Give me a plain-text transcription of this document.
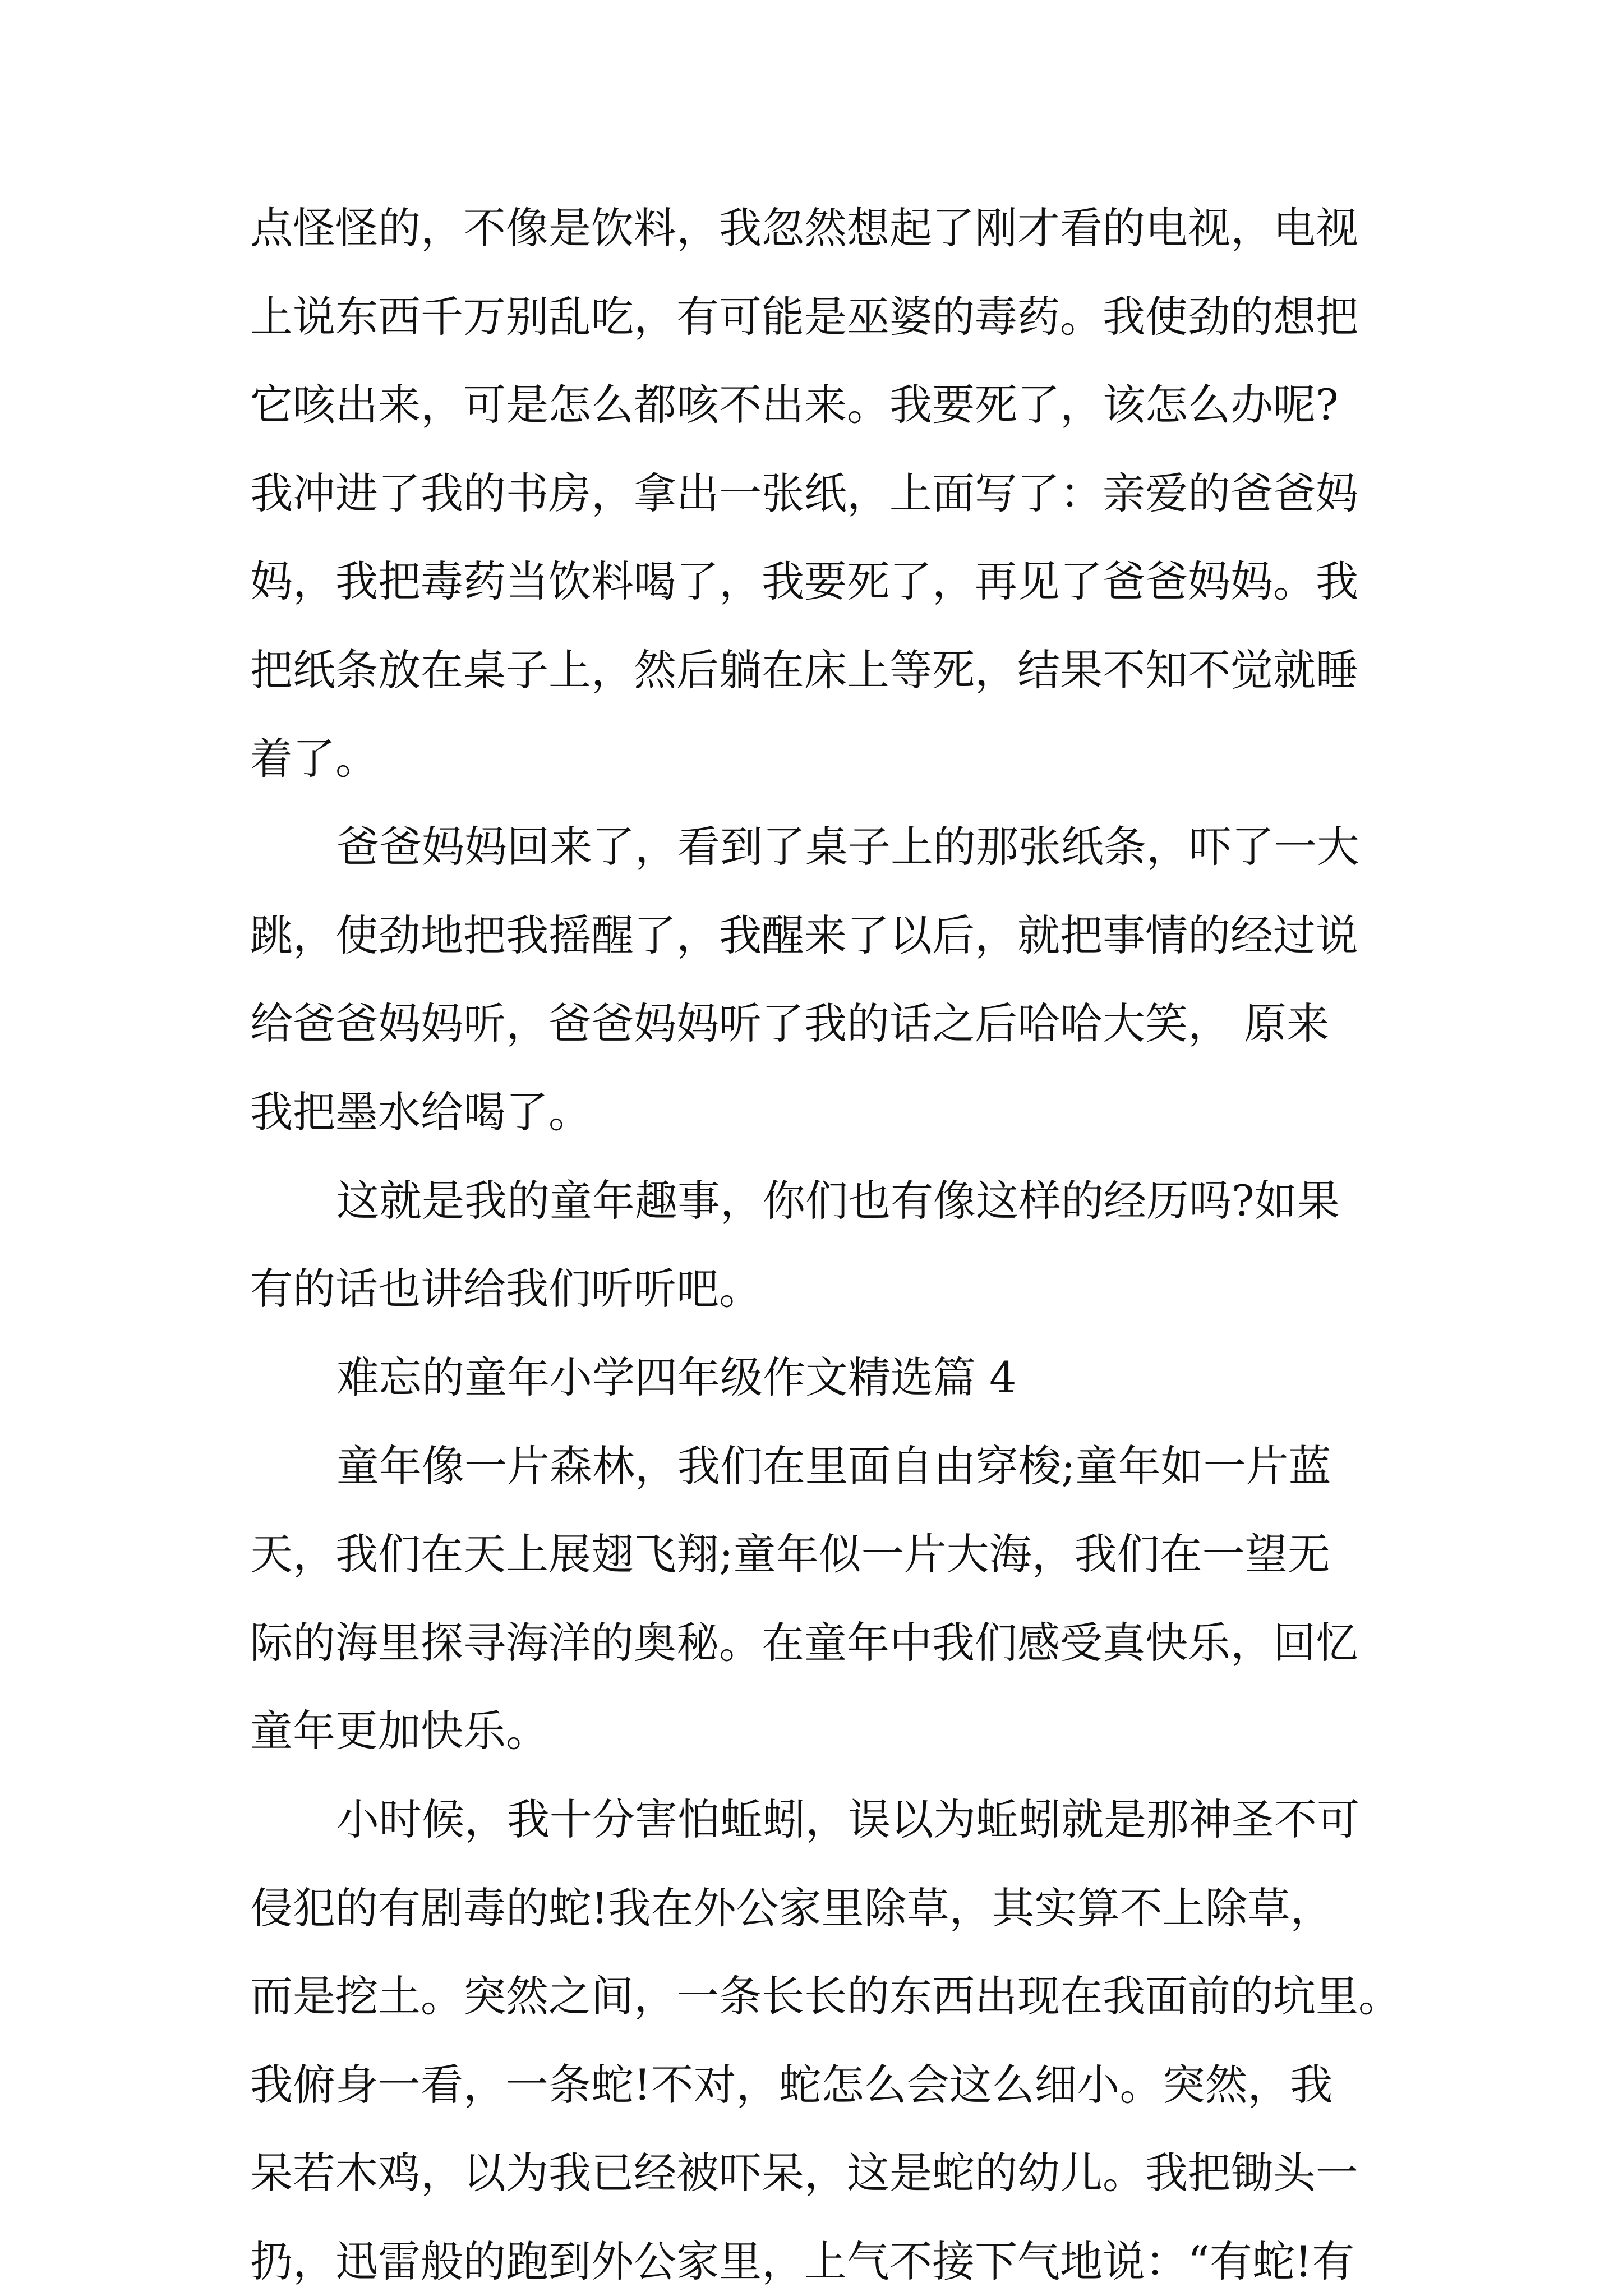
点怪怪的，不像是饮料，我忽然想起了刚才看的电视，电视
上说东西千万别乱吃，有可能是巫婆的毒药。我使劲的想把
它咳出来，可是怎么都咳不出来。我要死了，该怎么办呢?
我冲进了我的书房，拿出一张纸，上面写了：亲爱的爸爸妈
妈，我把毒药当饮料喝了，我要死了，再见了爸爸妈妈。我
把纸条放在桌子上，然后躺在床上等死，结果不知不觉就睡
着了。
爸爸妈妈回来了，看到了桌子上的那张纸条，吓了一大
跳，使劲地把我摇醒了，我醒来了以后，就把事情的经过说
给爸爸妈妈听，爸爸妈妈听了我的话之后哈哈大笑， 原来
我把墨水给喝了。
这就是我的童年趣事，你们也有像这样的经历吗?如果
有的话也讲给我们听听吧。
难忘的童年小学四年级作文精选篇 4
童年像一片森林，我们在里面自由穿梭;童年如一片蓝
天，我们在天上展翅飞翔;童年似一片大海，我们在一望无
际的海里探寻海洋的奥秘。在童年中我们感受真快乐，回忆
童年更加快乐。
小时候，我十分害怕蚯蚓，误以为蚯蚓就是那神圣不可
侵犯的有剧毒的蛇!我在外公家里除草，其实算不上除草，
而是挖土。突然之间，一条长长的东西出现在我面前的坑里。
我俯身一看，一条蛇!不对，蛇怎么会这么细小。突然，我
呆若木鸡，以为我已经被吓呆，这是蛇的幼儿。我把锄头一
扔，迅雷般的跑到外公家里，上气不接下气地说：“有蛇!有
